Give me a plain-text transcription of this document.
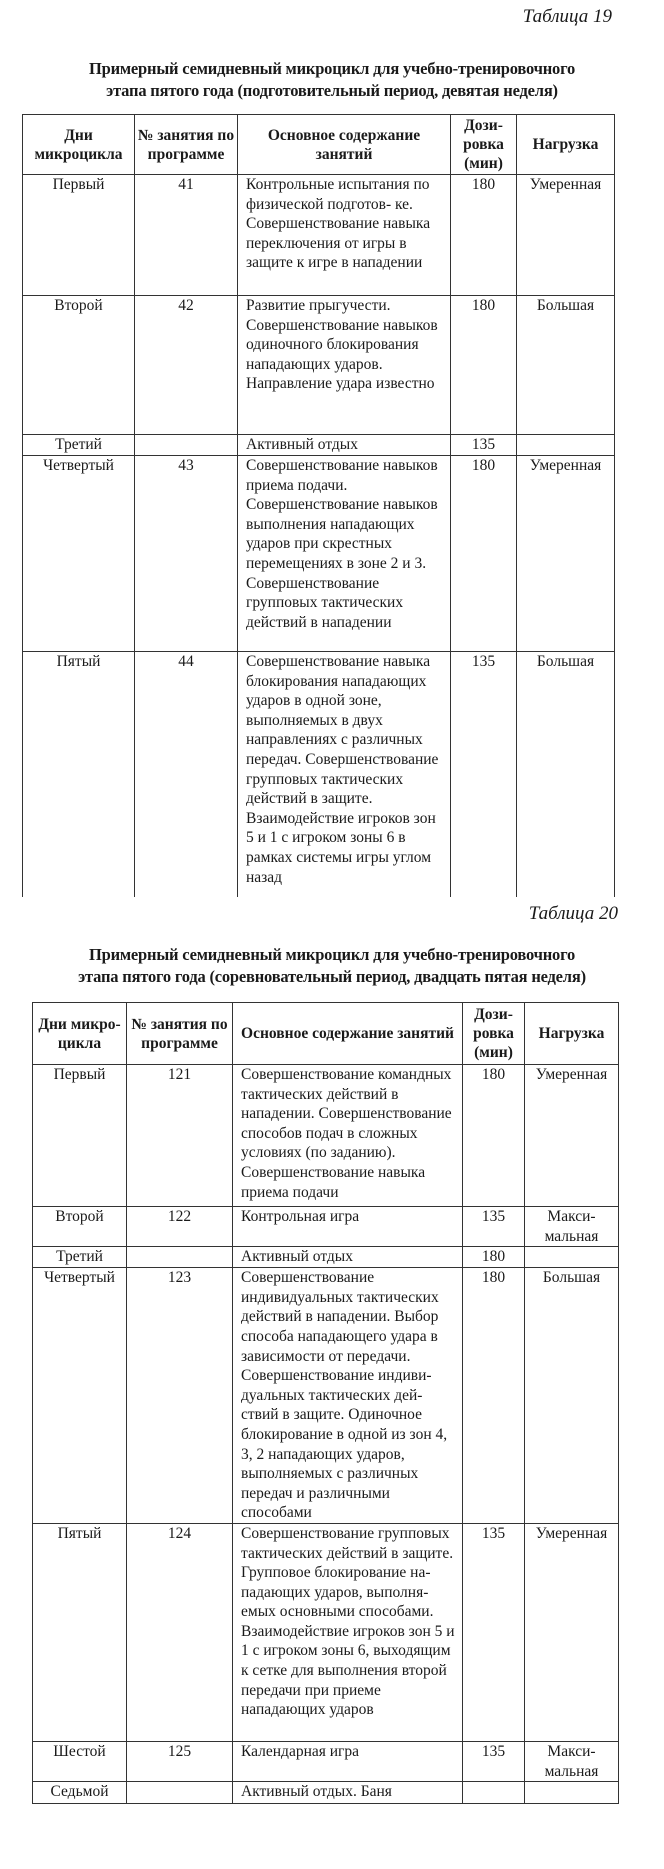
Таблица 19
Примерный семидневный микроцикл для учебно-тренировочного
этапа пятого года (подготовительный период, девятая неделя)
Дни микроцикла	№ занятия по программе	Основное содержание занятий	Дози- ровка (мин)	Нагрузка
Первый	41	Контрольные испытания по физической подготов- ке. Совершенствование навыка переключения от игры в защите к игре в нападении	180	Умеренная
Второй	42	Развитие прыгучести. Совершенствование навыков одиночного блокирования нападающих ударов. Направление удара известно	180	Большая
Третий		Активный отдых	135	
Четвертый	43	Совершенствование навыков приема подачи. Совершенствование навыков выполнения нападающих ударов при скрестных перемещениях в зоне 2 и 3. Совершенствование групповых тактических действий в нападении	180	Умеренная
Пятый	44	Совершенствование навыка блокирования нападающих ударов в одной зоне, выполняемых в двух направлениях с различных передач. Совершенствование групповых тактических действий в защите. Взаимодействие игроков зон 5 и 1 с игроком зоны 6 в рамках системы игры углом назад	135	Большая
Таблица 20
Примерный семидневный микроцикл для учебно-тренировочного
этапа пятого года (соревновательный период, двадцать пятая неделя)
Дни микро- цикла	№ занятия по программе	Основное содержание занятий	Дози- ровка (мин)	Нагрузка
Первый	121	Совершенствование командных тактических действий в нападении. Совершенствование способов подач в сложных условиях (по заданию). Совершенствование навыка приема подачи	180	Умеренная
Второй	122	Контрольная игра	135	Макси- мальная
Третий		Активный отдых	180	
Четвертый	123	Совершенствование индивидуальных тактических действий в нападении. Выбор способа нападающего удара в зависимости от передачи. Совершенствование индиви- дуальных тактических дей- ствий в защите. Одиночное блокирование в одной из зон 4, 3, 2 нападающих ударов, выполняемых с различных передач и различными способами	180	Большая
Пятый	124	Совершенствование групповых тактических действий в защите. Групповое блокирование на- падающих ударов, выполня- емых основными способами. Взаимодействие игроков зон 5 и 1 с игроком зоны 6, выходящим к сетке для выполнения второй передачи при приеме нападающих ударов	135	Умеренная
Шестой	125	Календарная игра	135	Макси- мальная
Седьмой		Активный отдых. Баня		
